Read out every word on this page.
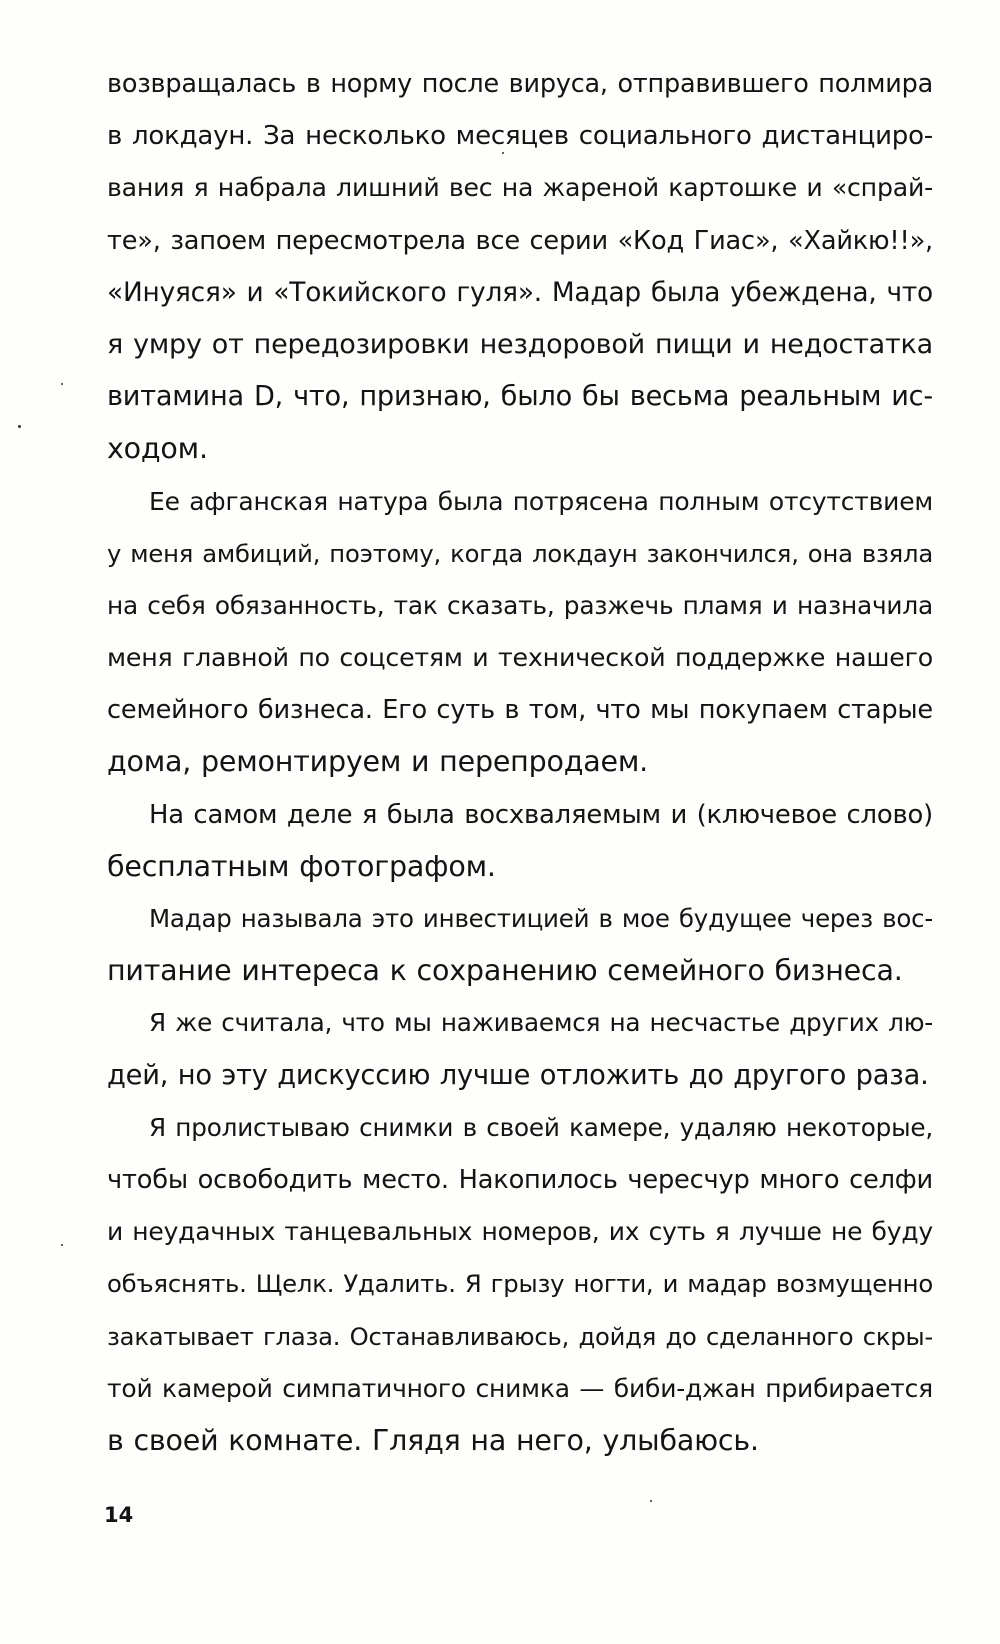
возвращалась в норму после вируса, отправившего полмира
в локдаун. За несколько месяцев социального дистанциро-
вания я набрала лишний вес на жареной картошке и «спрай-
те», запоем пересмотрела все серии «Код Гиас», «Хайкю!!»,
«Инуяся» и «Токийского гуля». Мадар была убеждена, что
я умру от передозировки нездоровой пищи и недостатка
витамина D, что, признаю, было бы весьма реальным ис-
ходом.
Ее афганская натура была потрясена полным отсутствием
у меня амбиций, поэтому, когда локдаун закончился, она взяла
на себя обязанность, так сказать, разжечь пламя и назначила
меня главной по соцсетям и технической поддержке нашего
семейного бизнеса. Его суть в том, что мы покупаем старые
дома, ремонтируем и перепродаем.
На самом деле я была восхваляемым и (ключевое слово)
бесплатным фотографом.
Мадар называла это инвестицией в мое будущее через вос-
питание интереса к сохранению семейного бизнеса.
Я же считала, что мы наживаемся на несчастье других лю-
дей, но эту дискуссию лучше отложить до другого раза.
Я пролистываю снимки в своей камере, удаляю некоторые,
чтобы освободить место. Накопилось чересчур много селфи
и неудачных танцевальных номеров, их суть я лучше не буду
объяснять. Щелк. Удалить. Я грызу ногти, и мадар возмущенно
закатывает глаза. Останавливаюсь, дойдя до сделанного скры-
той камерой симпатичного снимка — биби-джан прибирается
в своей комнате. Глядя на него, улыбаюсь.
14
